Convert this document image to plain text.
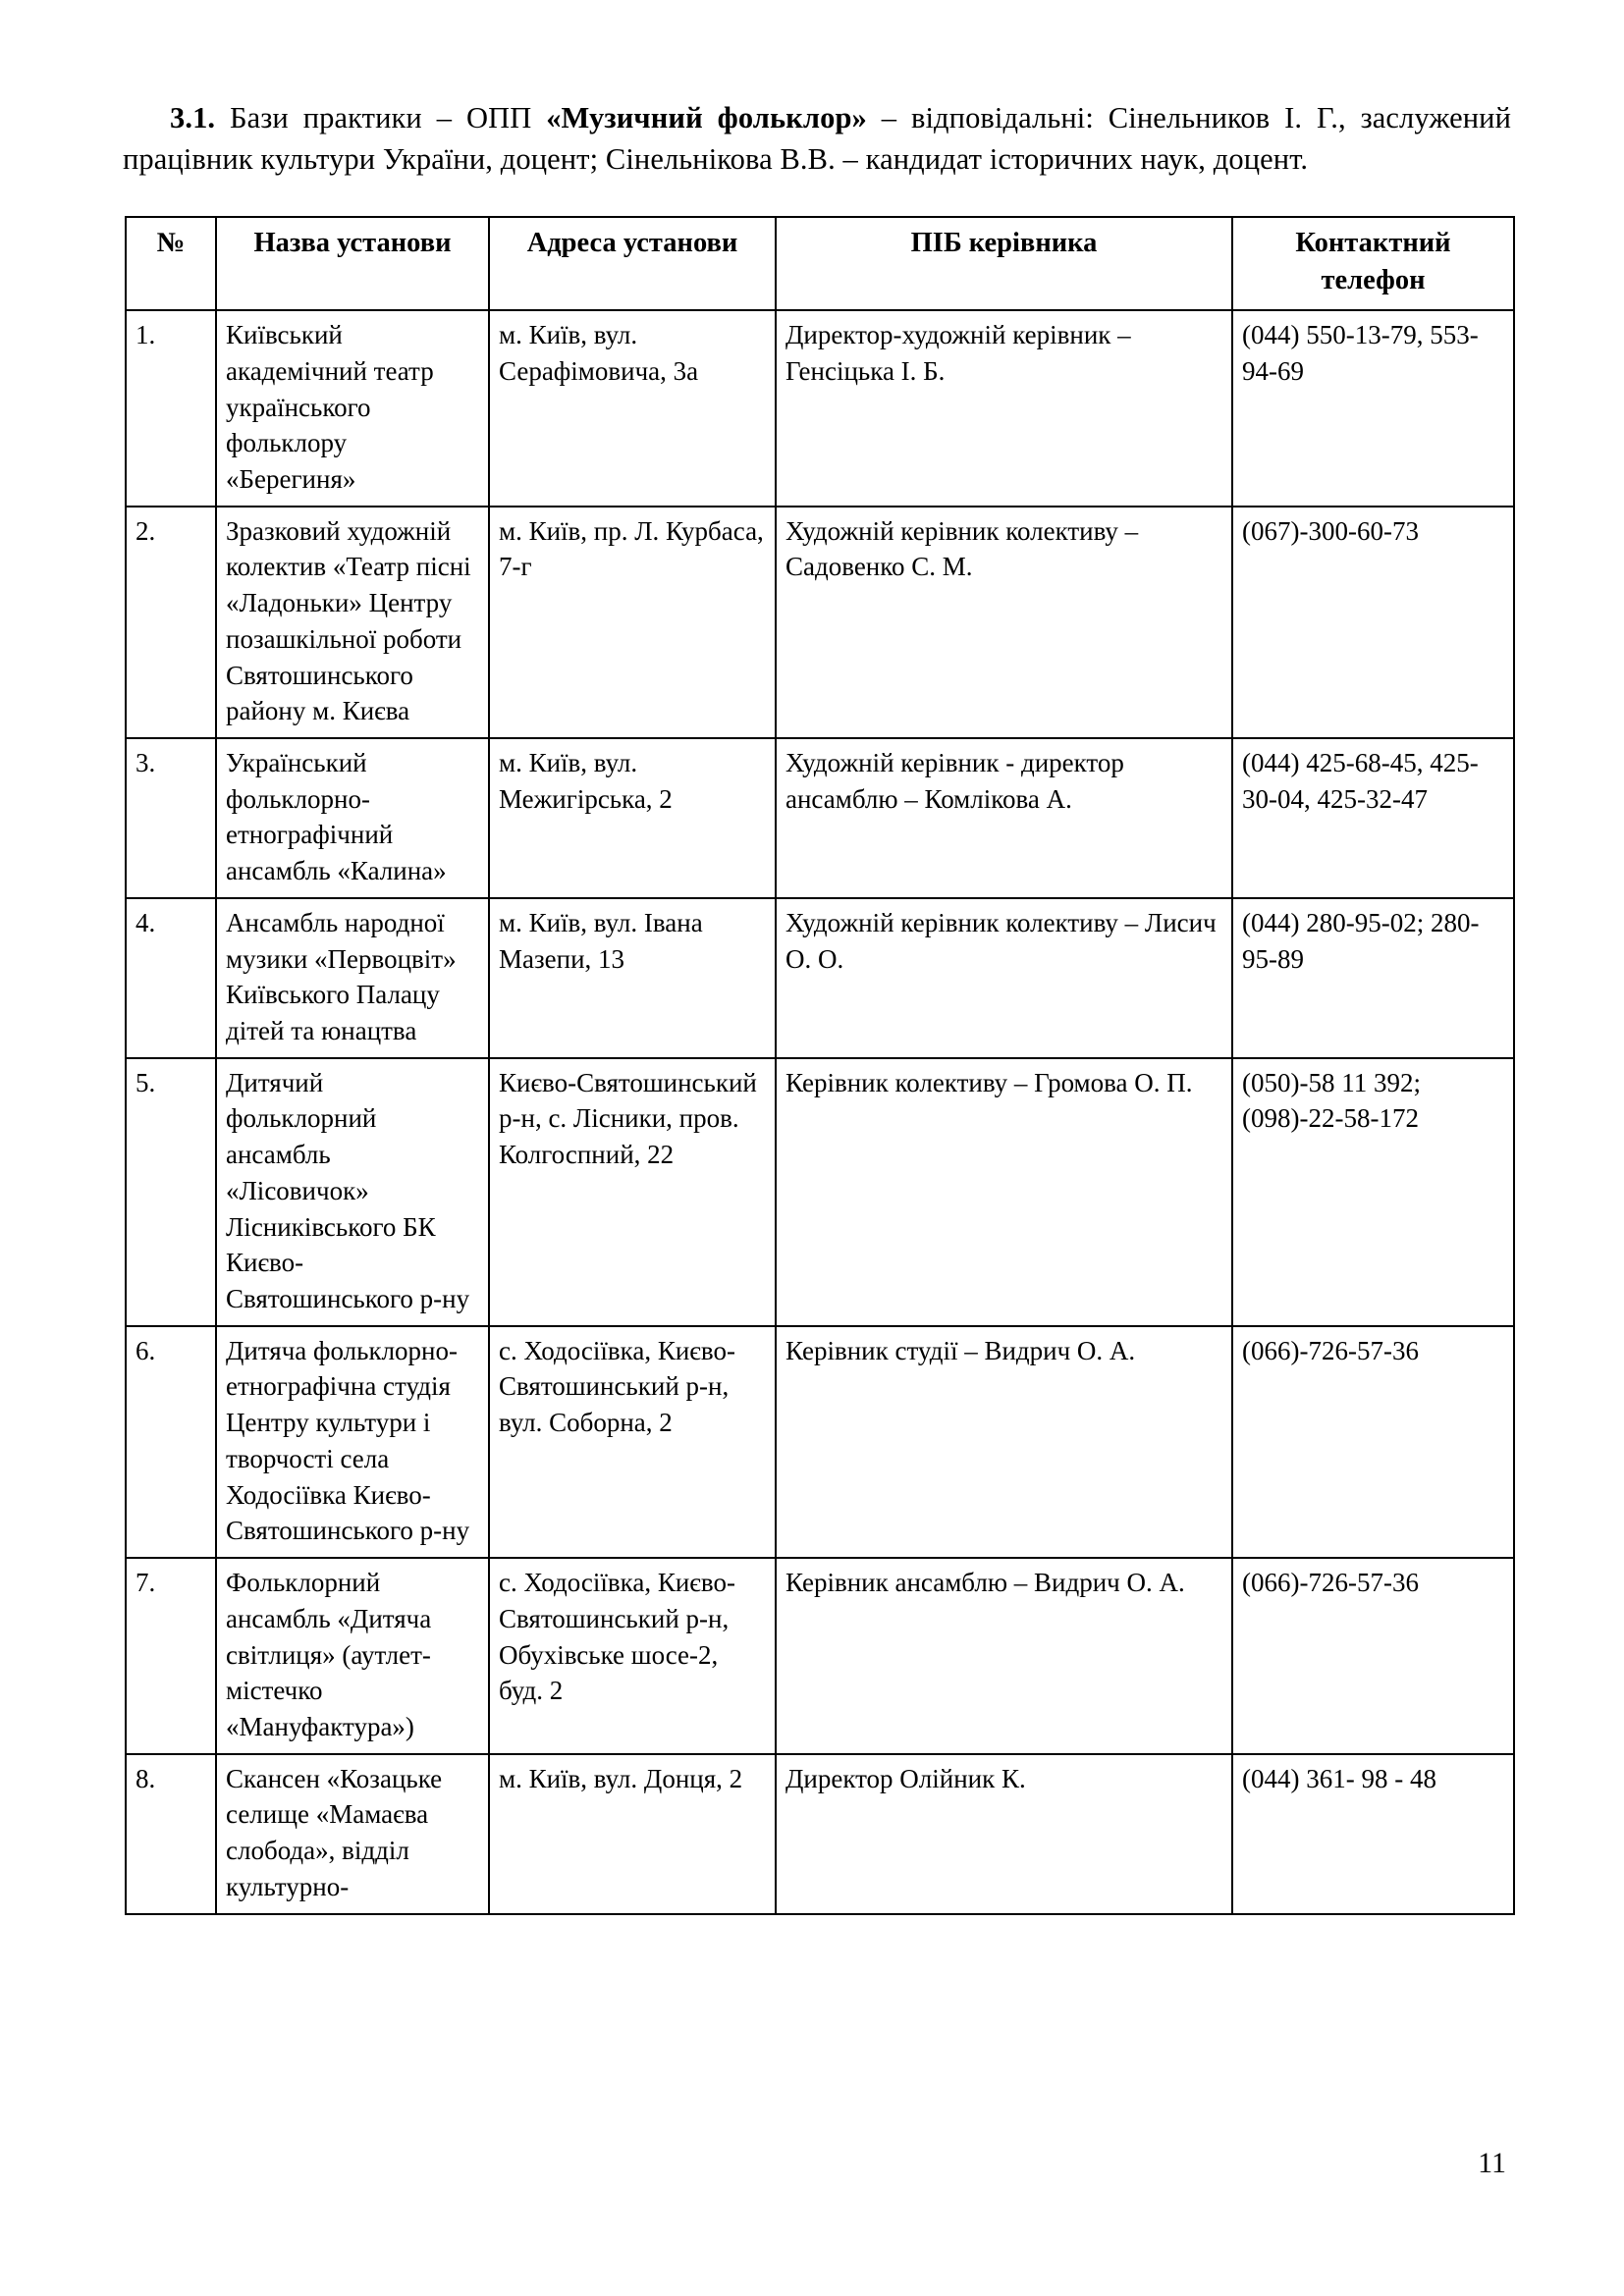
3.1. Бази практики – ОПП «Музичний фольклор» – відповідальні: Сінельников І. Г., заслужений працівник культури України, доцент; Сінельнікова В.В. – кандидат історичних наук, доцент.

№	Назва установи	Адреса установи	ПІБ керівника	Контактний телефон
1.	Київський академічний театр українського фольклору «Берегиня»	м. Київ, вул. Серафімовича, 3а	Директор-художній керівник – Генсіцька І. Б.	(044) 550-13-79, 553-94-69
2.	Зразковий художній колектив «Театр пісні «Ладоньки» Центру позашкільної роботи Святошинського району м. Києва	м. Київ, пр. Л. Курбаса, 7-г	Художній керівник колективу – Садовенко С. М.	(067)-300-60-73
3.	Український фольклорно-етнографічний ансамбль «Калина»	м. Київ, вул. Межигірська, 2	Художній керівник - директор ансамблю – Комлікова А.	(044) 425-68-45, 425-30-04, 425-32-47
4.	Ансамбль народної музики «Первоцвіт» Київського Палацу дітей та юнацтва	м. Київ, вул. Івана Мазепи, 13	Художній керівник колективу – Лисич О. О.	(044) 280-95-02; 280-95-89
5.	Дитячий фольклорний ансамбль «Лісовичок» Лісниківського БК Києво-Святошинського р-ну	Києво-Святошинський р-н, с. Лісники, пров. Колгоспний, 22	Керівник колективу – Громова О. П.	(050)-58 11 392; (098)-22-58-172
6.	Дитяча фольклорно-етнографічна студія Центру культури і творчості села Ходосіївка Києво-Святошинського р-ну	с. Ходосіївка, Києво-Святошинський р-н, вул. Соборна, 2	Керівник студії – Видрич О. А.	(066)-726-57-36
7.	Фольклорний ансамбль «Дитяча світлиця» (аутлет-містечко «Мануфактура»)	с. Ходосіївка, Києво-Святошинський р-н, Обухівське шосе-2, буд. 2	Керівник ансамблю – Видрич О. А.	(066)-726-57-36
8.	Скансен «Козацьке селище «Мамаєва слобода», відділ культурно-	м. Київ, вул. Донця, 2	Директор Олійник К.	(044) 361- 98 - 48
11
